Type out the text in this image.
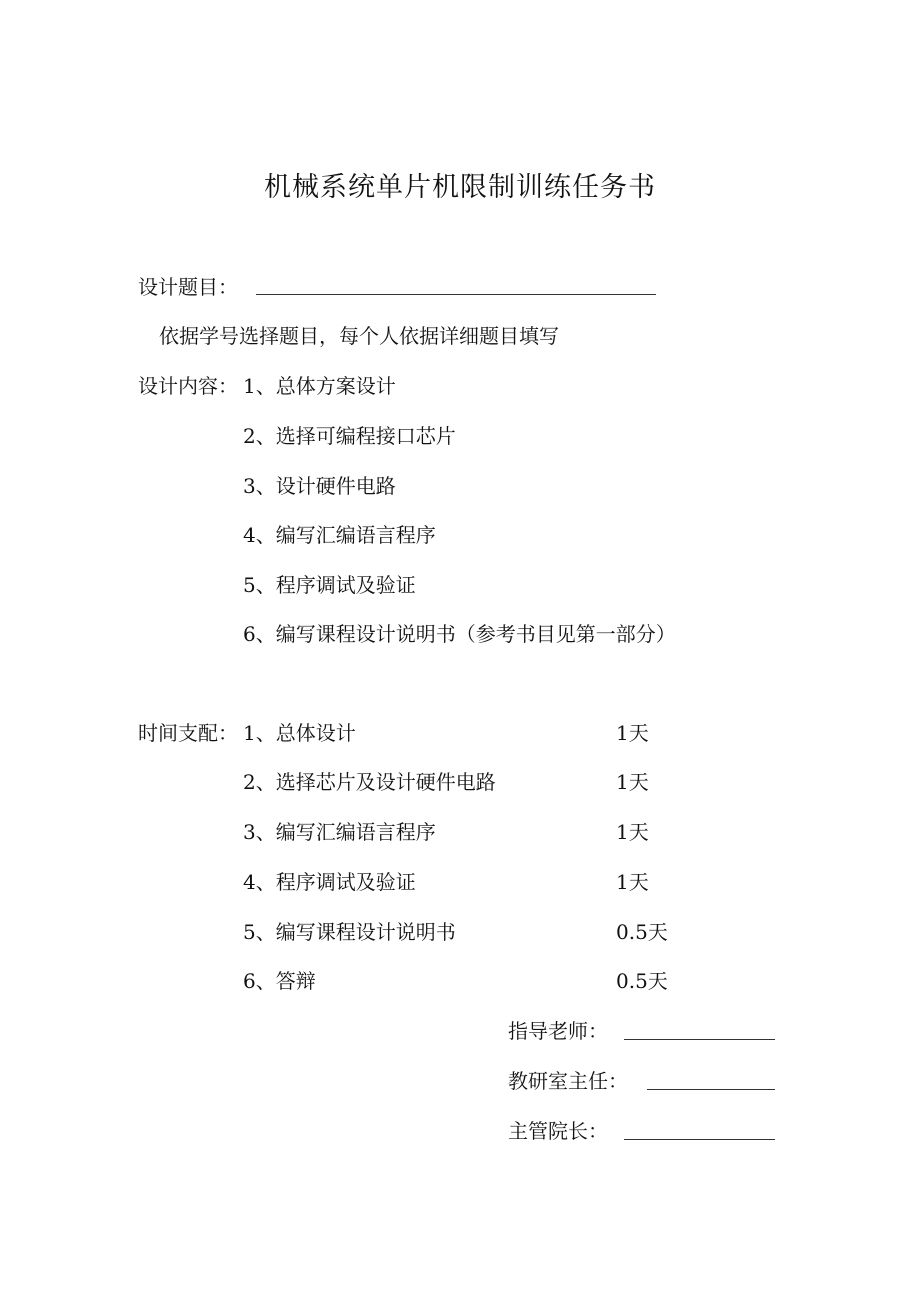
机械系统单片机限制训练任务书
设计题目：
依据学号选择题目，每个人依据详细题目填写
设计内容： 1、总体方案设计
2、选择可编程接口芯片
3、设计硬件电路
4、编写汇编语言程序
5、程序调试及验证
6、编写课程设计说明书（参考书目见第一部分）
时间支配： 1、总体设计	1天
2、选择芯片及设计硬件电路	1天
3、编写汇编语言程序	1天
4、程序调试及验证	1天
5、编写课程设计说明书	0.5天
6、答辩	0.5天
指导老师：
教研室主任：
主管院长：
